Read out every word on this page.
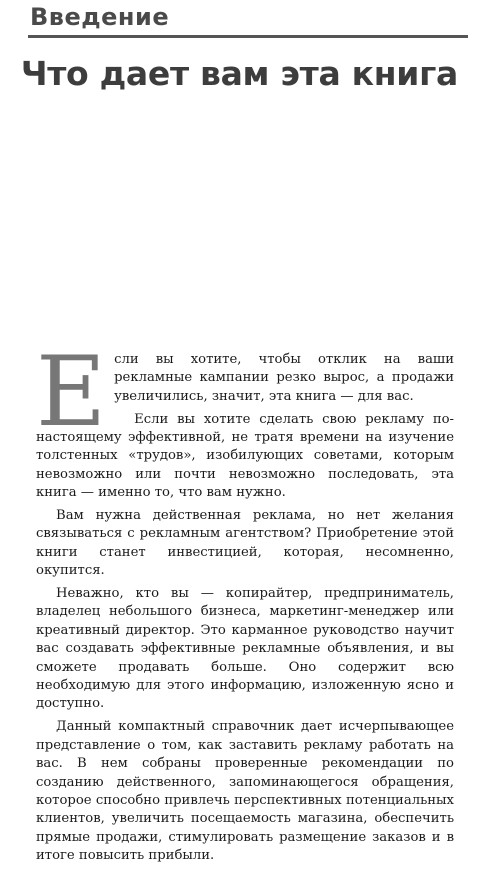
Введение
Что дает вам эта книга

Если вы хотите, чтобы отклик на ваши рекламные кампании резко вырос, а продажи увеличились, значит, эта книга — для вас.

Если вы хотите сделать свою рекламу по-настоящему эффективной, не тратя времени на изучение толстенных «трудов», изобилующих советами, которым невозможно или почти невозможно последовать, эта книга — именно то, что вам нужно.

Вам нужна действенная реклама, но нет желания связываться с рекламным агентством? Приобретение этой книги станет инвестицией, которая, несомненно, окупится.

Неважно, кто вы — копирайтер, предприниматель, владелец небольшого бизнеса, маркетинг-менеджер или креативный директор. Это карманное руководство научит вас создавать эффективные рекламные объявления, и вы сможете продавать больше. Оно содержит всю необходимую для этого информацию, изложенную ясно и доступно.

Данный компактный справочник дает исчерпывающее представление о том, как заставить рекламу работать на вас. В нем собраны проверенные рекомендации по созданию действенного, запоминающегося обращения, которое способно привлечь перспективных потенциальных клиентов, увеличить посещаемость магазина, обеспечить прямые продажи, стимулировать размещение заказов и в итоге повысить прибыли.
